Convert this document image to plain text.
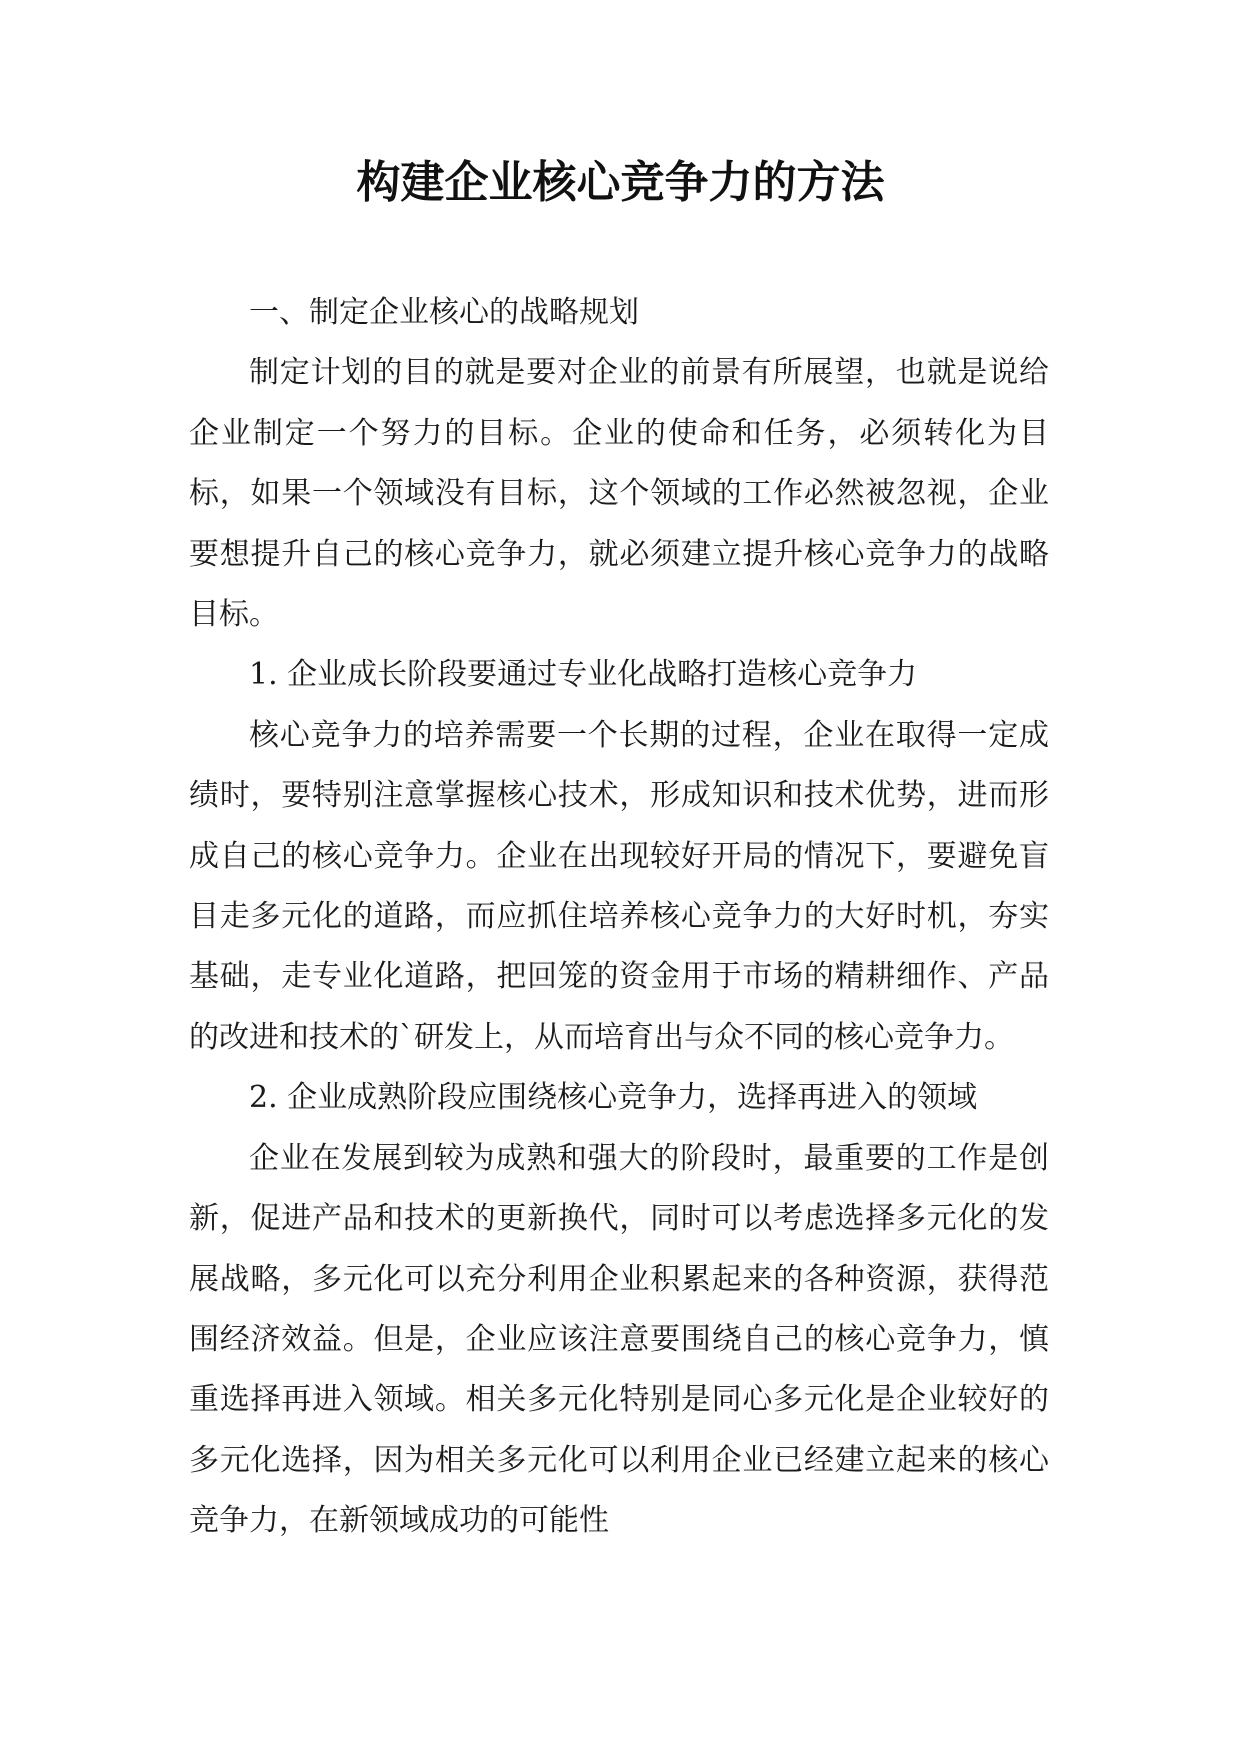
构建企业核心竞争力的方法

一、制定企业核心的战略规划

制定计划的目的就是要对企业的前景有所展望，也就是说给企业制定一个努力的目标。企业的使命和任务，必须转化为目标，如果一个领域没有目标，这个领域的工作必然被忽视，企业要想提升自己的核心竞争力，就必须建立提升核心竞争力的战略目标。

1. 企业成长阶段要通过专业化战略打造核心竞争力

核心竞争力的培养需要一个长期的过程，企业在取得一定成绩时，要特别注意掌握核心技术，形成知识和技术优势，进而形成自己的核心竞争力。企业在出现较好开局的情况下，要避免盲目走多元化的道路，而应抓住培养核心竞争力的大好时机，夯实基础，走专业化道路，把回笼的资金用于市场的精耕细作、产品的改进和技术的`研发上，从而培育出与众不同的核心竞争力。

2. 企业成熟阶段应围绕核心竞争力，选择再进入的领域

企业在发展到较为成熟和强大的阶段时，最重要的工作是创新，促进产品和技术的更新换代，同时可以考虑选择多元化的发展战略，多元化可以充分利用企业积累起来的各种资源，获得范围经济效益。但是，企业应该注意要围绕自己的核心竞争力，慎重选择再进入领域。相关多元化特别是同心多元化是企业较好的多元化选择，因为相关多元化可以利用企业已经建立起来的核心竞争力，在新领域成功的可能性
